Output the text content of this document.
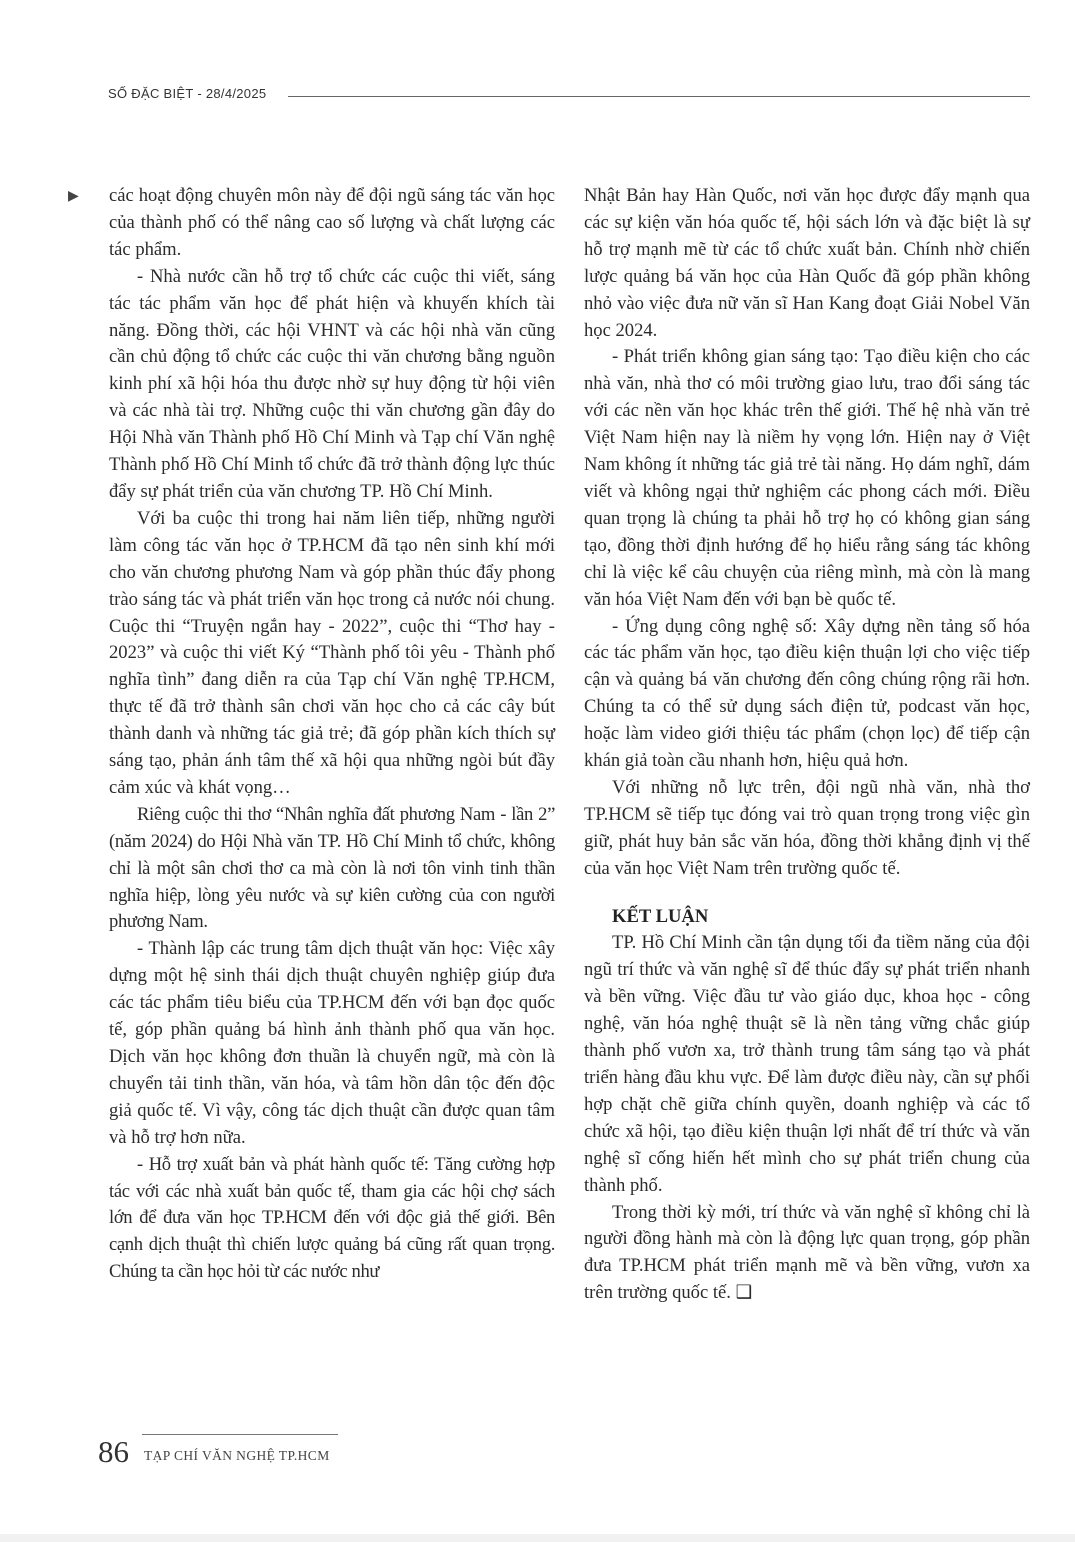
SỐ ĐẶC BIỆT - 28/4/2025
▶ các hoạt động chuyên môn này để đội ngũ sáng tác văn học của thành phố có thể nâng cao số lượng và chất lượng các tác phẩm.

- Nhà nước cần hỗ trợ tổ chức các cuộc thi viết, sáng tác tác phẩm văn học để phát hiện và khuyến khích tài năng. Đồng thời, các hội VHNT và các hội nhà văn cũng cần chủ động tổ chức các cuộc thi văn chương bằng nguồn kinh phí xã hội hóa thu được nhờ sự huy động từ hội viên và các nhà tài trợ. Những cuộc thi văn chương gần đây do Hội Nhà văn Thành phố Hồ Chí Minh và Tạp chí Văn nghệ Thành phố Hồ Chí Minh tổ chức đã trở thành động lực thúc đẩy sự phát triển của văn chương TP. Hồ Chí Minh.

Với ba cuộc thi trong hai năm liên tiếp, những người làm công tác văn học ở TP.HCM đã tạo nên sinh khí mới cho văn chương phương Nam và góp phần thúc đẩy phong trào sáng tác và phát triển văn học trong cả nước nói chung. Cuộc thi “Truyện ngắn hay - 2022”, cuộc thi “Thơ hay - 2023” và cuộc thi viết Ký “Thành phố tôi yêu - Thành phố nghĩa tình” đang diễn ra của Tạp chí Văn nghệ TP.HCM, thực tế đã trở thành sân chơi văn học cho cả các cây bút thành danh và những tác giả trẻ; đã góp phần kích thích sự sáng tạo, phản ánh tâm thế xã hội qua những ngòi bút đầy cảm xúc và khát vọng…

Riêng cuộc thi thơ “Nhân nghĩa đất phương Nam - lần 2” (năm 2024) do Hội Nhà văn TP. Hồ Chí Minh tổ chức, không chỉ là một sân chơi thơ ca mà còn là nơi tôn vinh tinh thần nghĩa hiệp, lòng yêu nước và sự kiên cường của con người phương Nam.

- Thành lập các trung tâm dịch thuật văn học: Việc xây dựng một hệ sinh thái dịch thuật chuyên nghiệp giúp đưa các tác phẩm tiêu biểu của TP.HCM đến với bạn đọc quốc tế, góp phần quảng bá hình ảnh thành phố qua văn học. Dịch văn học không đơn thuần là chuyển ngữ, mà còn là chuyển tải tinh thần, văn hóa, và tâm hồn dân tộc đến độc giả quốc tế. Vì vậy, công tác dịch thuật cần được quan tâm và hỗ trợ hơn nữa.

- Hỗ trợ xuất bản và phát hành quốc tế: Tăng cường hợp tác với các nhà xuất bản quốc tế, tham gia các hội chợ sách lớn để đưa văn học TP.HCM đến với độc giả thế giới. Bên cạnh dịch thuật thì chiến lược quảng bá cũng rất quan trọng. Chúng ta cần học hỏi từ các nước như

Nhật Bản hay Hàn Quốc, nơi văn học được đẩy mạnh qua các sự kiện văn hóa quốc tế, hội sách lớn và đặc biệt là sự hỗ trợ mạnh mẽ từ các tổ chức xuất bản. Chính nhờ chiến lược quảng bá văn học của Hàn Quốc đã góp phần không nhỏ vào việc đưa nữ văn sĩ Han Kang đoạt Giải Nobel Văn học 2024.

- Phát triển không gian sáng tạo: Tạo điều kiện cho các nhà văn, nhà thơ có môi trường giao lưu, trao đổi sáng tác với các nền văn học khác trên thế giới. Thế hệ nhà văn trẻ Việt Nam hiện nay là niềm hy vọng lớn. Hiện nay ở Việt Nam không ít những tác giả trẻ tài năng. Họ dám nghĩ, dám viết và không ngại thử nghiệm các phong cách mới. Điều quan trọng là chúng ta phải hỗ trợ họ có không gian sáng tạo, đồng thời định hướng để họ hiểu rằng sáng tác không chỉ là việc kể câu chuyện của riêng mình, mà còn là mang văn hóa Việt Nam đến với bạn bè quốc tế.

- Ứng dụng công nghệ số: Xây dựng nền tảng số hóa các tác phẩm văn học, tạo điều kiện thuận lợi cho việc tiếp cận và quảng bá văn chương đến công chúng rộng rãi hơn. Chúng ta có thể sử dụng sách điện tử, podcast văn học, hoặc làm video giới thiệu tác phẩm (chọn lọc) để tiếp cận khán giả toàn cầu nhanh hơn, hiệu quả hơn.

Với những nỗ lực trên, đội ngũ nhà văn, nhà thơ TP.HCM sẽ tiếp tục đóng vai trò quan trọng trong việc gìn giữ, phát huy bản sắc văn hóa, đồng thời khẳng định vị thế của văn học Việt Nam trên trường quốc tế.

KẾT LUẬN

TP. Hồ Chí Minh cần tận dụng tối đa tiềm năng của đội ngũ trí thức và văn nghệ sĩ để thúc đẩy sự phát triển nhanh và bền vững. Việc đầu tư vào giáo dục, khoa học - công nghệ, văn hóa nghệ thuật sẽ là nền tảng vững chắc giúp thành phố vươn xa, trở thành trung tâm sáng tạo và phát triển hàng đầu khu vực. Để làm được điều này, cần sự phối hợp chặt chẽ giữa chính quyền, doanh nghiệp và các tổ chức xã hội, tạo điều kiện thuận lợi nhất để trí thức và văn nghệ sĩ cống hiến hết mình cho sự phát triển chung của thành phố.

Trong thời kỳ mới, trí thức và văn nghệ sĩ không chỉ là người đồng hành mà còn là động lực quan trọng, góp phần đưa TP.HCM phát triển mạnh mẽ và bền vững, vươn xa trên trường quốc tế. ❑

86 TẠP CHÍ VĂN NGHỆ TP.HCM
